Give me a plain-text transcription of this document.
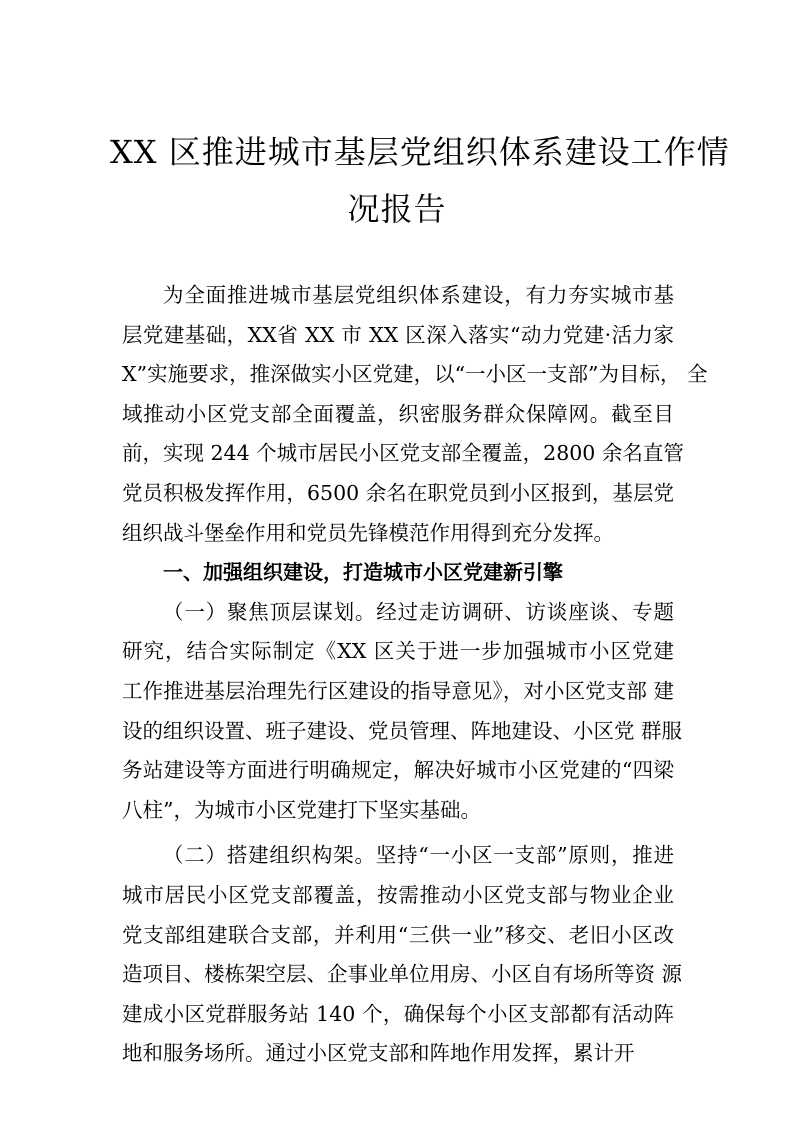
XX 区推进城市基层党组织体系建设工作情
况报告
为全面推进城市基层党组织体系建设，有力夯实城市基
层党建基础，XX省 XX 市 XX 区深入落实“动力党建·活力家
X”实施要求，推深做实小区党建，以“一小区一支部”为目标， 全
域推动小区党支部全面覆盖，织密服务群众保障网。截至目
前，实现 244 个城市居民小区党支部全覆盖，2800 余名直管
党员积极发挥作用，6500 余名在职党员到小区报到，基层党
组织战斗堡垒作用和党员先锋模范作用得到充分发挥。
一、加强组织建设，打造城市小区党建新引擎
（一）聚焦顶层谋划。经过走访调研、访谈座谈、专题
研究，结合实际制定《XX 区关于进一步加强城市小区党建
工作推进基层治理先行区建设的指导意见》，对小区党支部 建
设的组织设置、班子建设、党员管理、阵地建设、小区党 群服
务站建设等方面进行明确规定，解决好城市小区党建的“四梁
八柱”，为城市小区党建打下坚实基础。
（二）搭建组织构架。坚持“一小区一支部”原则，推进
城市居民小区党支部覆盖，按需推动小区党支部与物业企业
党支部组建联合支部，并利用“三供一业”移交、老旧小区改
造项目、楼栋架空层、企事业单位用房、小区自有场所等资 源
建成小区党群服务站 140 个，确保每个小区支部都有活动阵
地和服务场所。通过小区党支部和阵地作用发挥，累计开
